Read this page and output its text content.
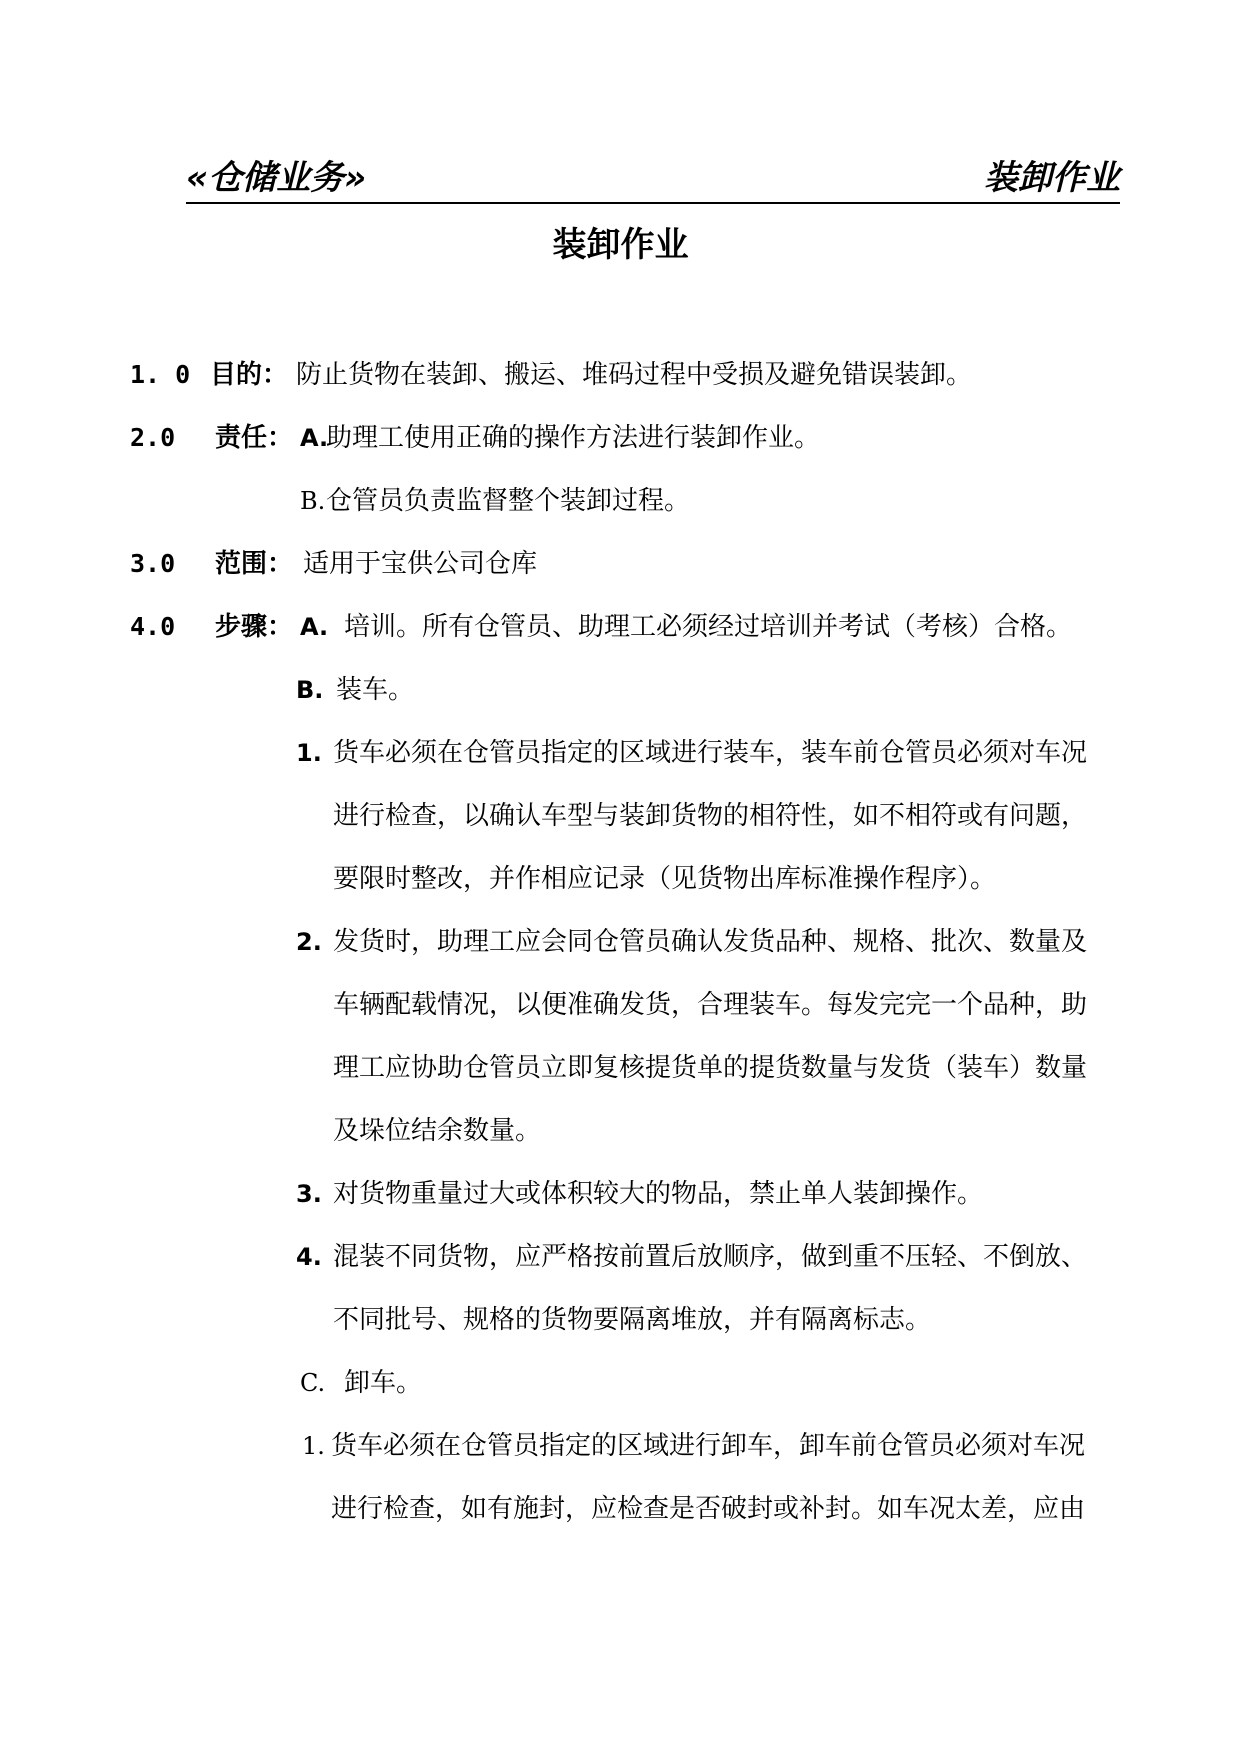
«仓储业务»	装卸作业
装卸作业
1. 0 目的： 防止货物在装卸、搬运、堆码过程中受损及避免错误装卸。
2.0 责任： A.
助理工使用正确的操作方法进行装卸作业。
B. 仓管员负责监督整个装卸过程。
3.0 范围： 适用于宝供公司仓库
4.0 步骤： A. 培训。所有仓管员、助理工必须经过培训并考试（考核）合格。
B. 装车。
1. 货车必须在仓管员指定的区域进行装车，装车前仓管员必须对车况
进行检查，以确认车型与装卸货物的相符性，如不相符或有问题，
要限时整改，并作相应记录（见货物出库标准操作程序）。
2. 发货时，助理工应会同仓管员确认发货品种、规格、批次、数量及
车辆配载情况，以便准确发货，合理装车。每发完完一个品种，助
理工应协助仓管员立即复核提货单的提货数量与发货（装车）数量
及垛位结余数量。
3. 对货物重量过大或体积较大的物品，禁止单人装卸操作。
4. 混装不同货物，应严格按前置后放顺序，做到重不压轻、不倒放、
不同批号、规格的货物要隔离堆放，并有隔离标志。
C. 卸车。
1. 货车必须在仓管员指定的区域进行卸车，卸车前仓管员必须对车况
进行检查，如有施封，应检查是否破封或补封。如车况太差，应由
